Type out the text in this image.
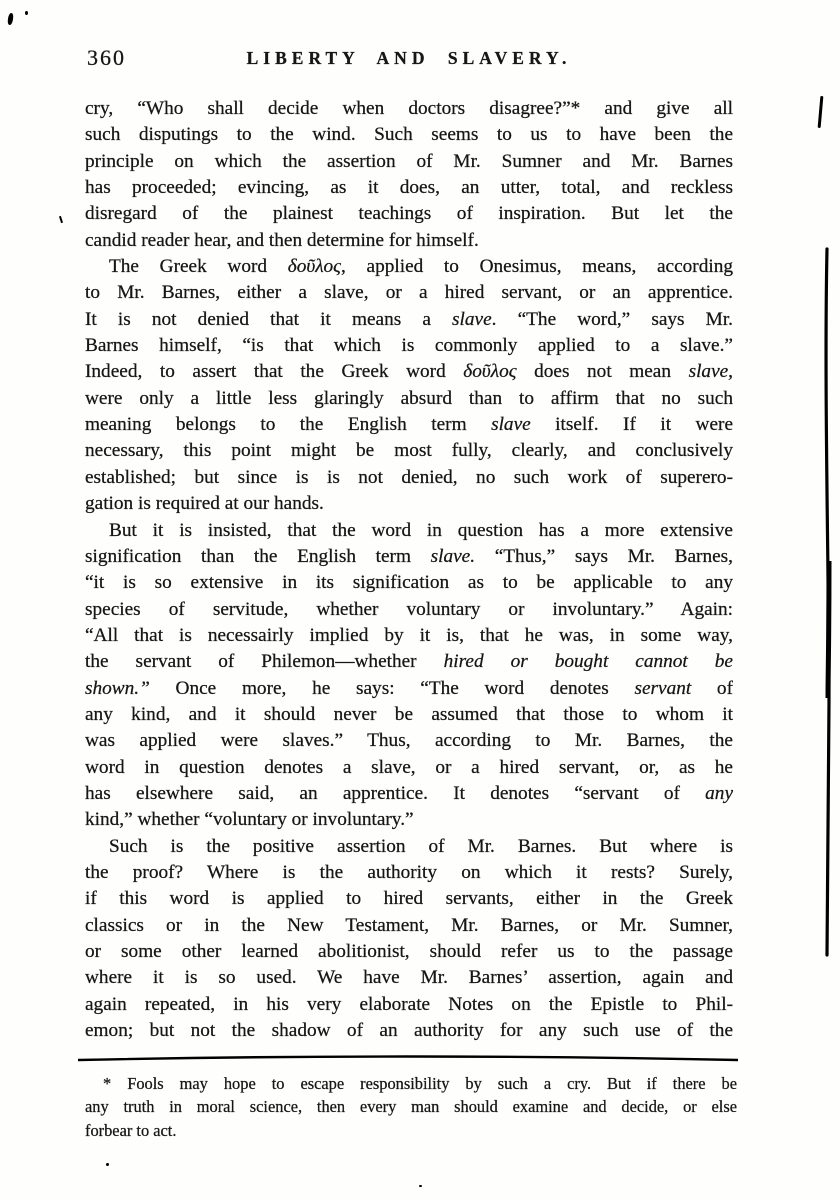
360	LIBERTY AND SLAVERY.
cry, “Who shall decide when doctors disagree?”* and give all
such disputings to the wind. Such seems to us to have been the
principle on which the assertion of Mr. Sumner and Mr. Barnes
has proceeded; evincing, as it does, an utter, total, and reckless
disregard of the plainest teachings of inspiration. But let the
candid reader hear, and then determine for himself.
The Greek word δοῦλος, applied to Onesimus, means, according
to Mr. Barnes, either a slave, or a hired servant, or an apprentice.
It is not denied that it means a slave. “The word,” says Mr.
Barnes himself, “is that which is commonly applied to a slave.”
Indeed, to assert that the Greek word δοῦλος does not mean slave,
were only a little less glaringly absurd than to affirm that no such
meaning belongs to the English term slave itself. If it were
necessary, this point might be most fully, clearly, and conclusively
established; but since is is not denied, no such work of superero-
gation is required at our hands.
But it is insisted, that the word in question has a more extensive
signification than the English term slave. “Thus,” says Mr. Barnes,
“it is so extensive in its signification as to be applicable to any
species of servitude, whether voluntary or involuntary.” Again:
“All that is necessairly implied by it is, that he was, in some way,
the servant of Philemon—whether hired or bought cannot be
shown.” Once more, he says: “The word denotes servant of
any kind, and it should never be assumed that those to whom it
was applied were slaves.” Thus, according to Mr. Barnes, the
word in question denotes a slave, or a hired servant, or, as he
has elsewhere said, an apprentice. It denotes “servant of any
kind,” whether “voluntary or involuntary.”
Such is the positive assertion of Mr. Barnes. But where is
the proof? Where is the authority on which it rests? Surely,
if this word is applied to hired servants, either in the Greek
classics or in the New Testament, Mr. Barnes, or Mr. Sumner,
or some other learned abolitionist, should refer us to the passage
where it is so used. We have Mr. Barnes’ assertion, again and
again repeated, in his very elaborate Notes on the Epistle to Phil-
emon; but not the shadow of an authority for any such use of the
* Fools may hope to escape responsibility by such a cry. But if there be
any truth in moral science, then every man should examine and decide, or else
forbear to act.
